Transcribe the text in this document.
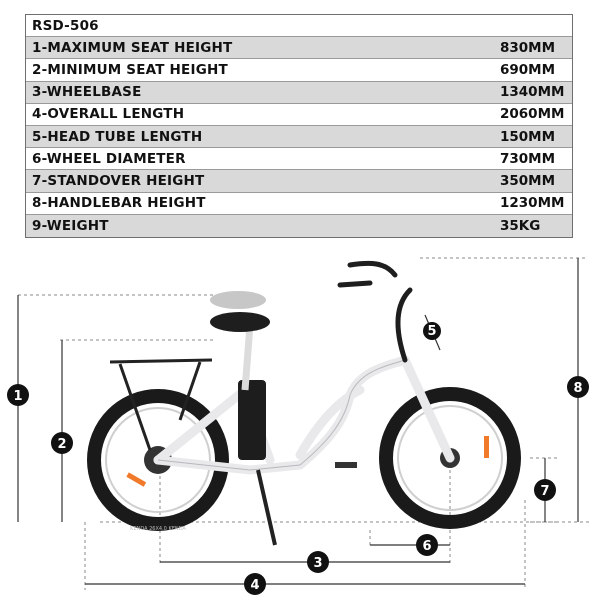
RSD-506
1-MAXIMUM SEAT HEIGHT	830MM
2-MINIMUM SEAT HEIGHT	690MM
3-WHEELBASE	1340MM
4-OVERALL LENGTH	2060MM
5-HEAD TUBE LENGTH	150MM
6-WHEEL DIAMETER	730MM
7-STANDOVER HEIGHT	350MM
8-HANDLEBAR HEIGHT	1230MM
9-WEIGHT	35KG
KENDA 26X4.0 KENDA
1
2
3
4
5
6
7
8
